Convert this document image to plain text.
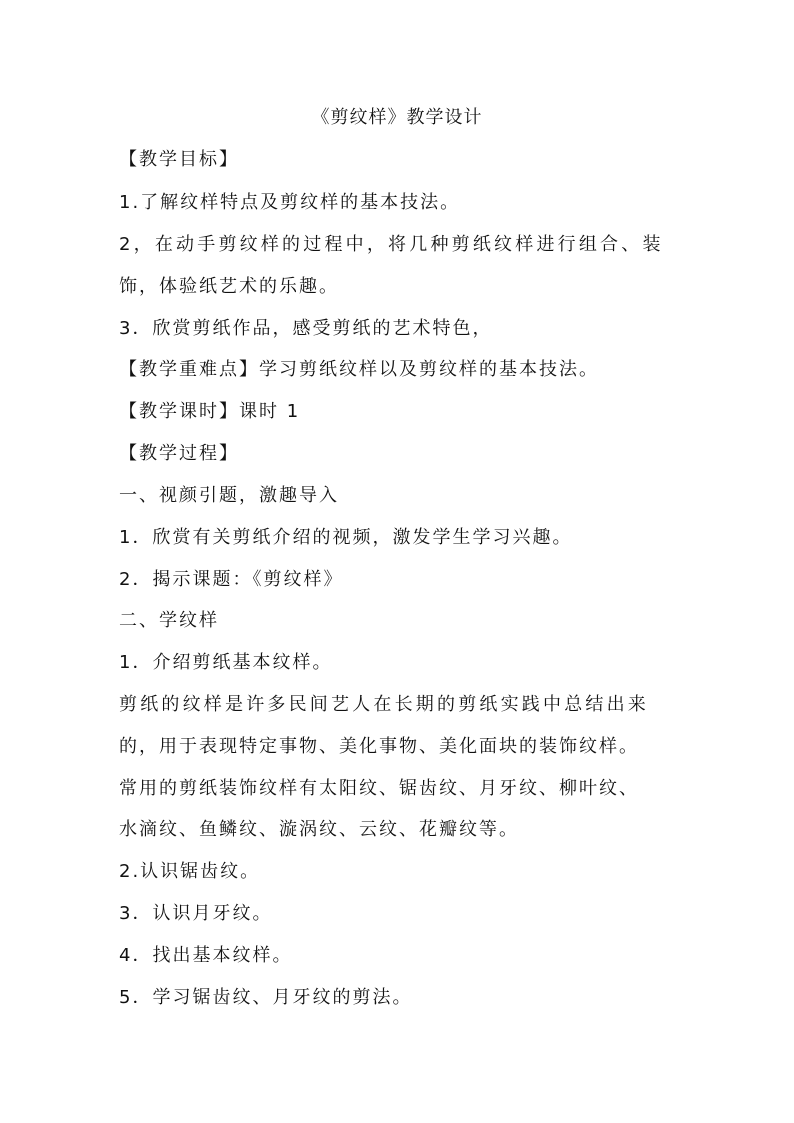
《剪纹样》教学设计
【教学目标】
1.了解纹样特点及剪纹样的基本技法。
2，在动手剪纹样的过程中，将几种剪纸纹样进行组合、装
饰，体验纸艺术的乐趣。
3．欣赏剪纸作品，感受剪纸的艺术特色，
【教学重难点】学习剪纸纹样以及剪纹样的基本技法。
【教学课时】课时 1
【教学过程】
一、视颜引题，激趣导入
1．欣赏有关剪纸介绍的视频，激发学生学习兴趣。
2．揭示课题：《剪纹样》
二、学纹样
1．介绍剪纸基本纹样。
剪纸的纹样是许多民间艺人在长期的剪纸实践中总结出来
的，用于表现特定事物、美化事物、美化面块的装饰纹样。
常用的剪纸装饰纹样有太阳纹、锯齿纹、月牙纹、柳叶纹、
水滴纹、鱼鳞纹、漩涡纹、云纹、花瓣纹等。
2.认识锯齿纹。
3．认识月牙纹。
4．找出基本纹样。
5．学习锯齿纹、月牙纹的剪法。
